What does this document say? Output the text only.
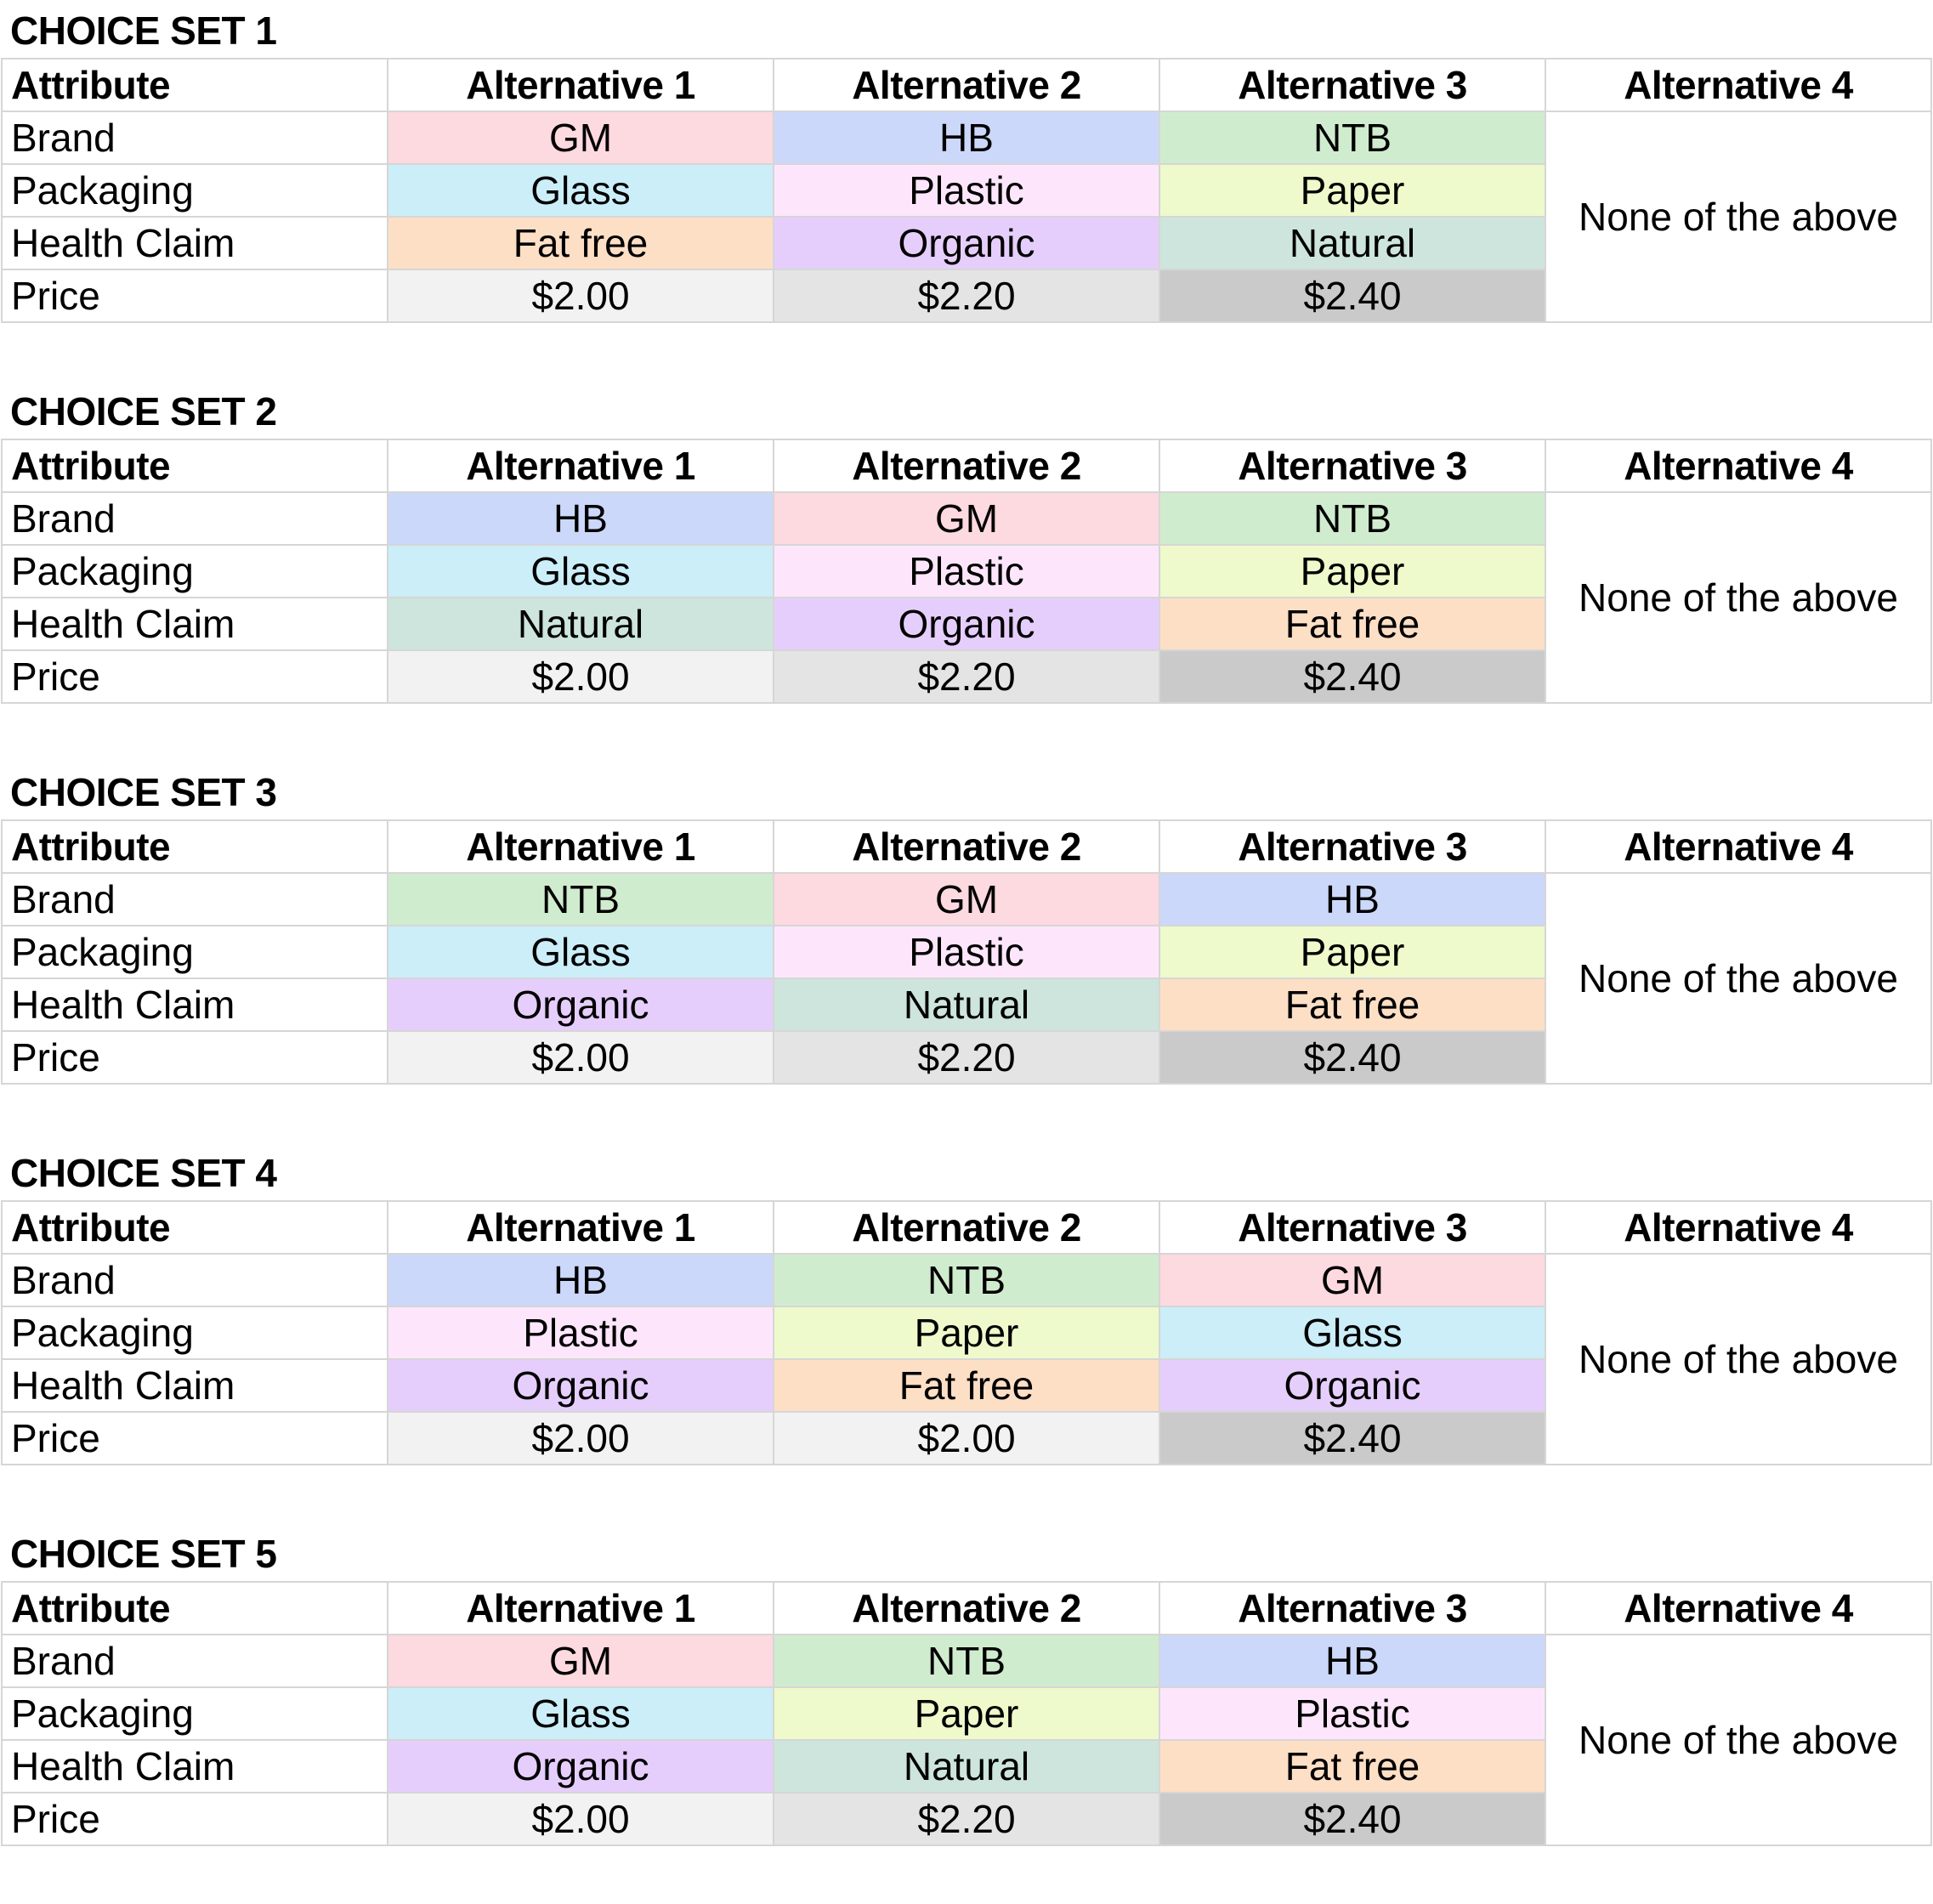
CHOICE SET 1
Attribute	Alternative 1	Alternative 2	Alternative 3	Alternative 4
Brand	GM	HB	NTB	None of the above
Packaging	Glass	Plastic	Paper	
Health Claim	Fat free	Organic	Natural	
Price	$2.00	$2.20	$2.40	
CHOICE SET 2
Attribute	Alternative 1	Alternative 2	Alternative 3	Alternative 4
Brand	HB	GM	NTB	None of the above
Packaging	Glass	Plastic	Paper	
Health Claim	Natural	Organic	Fat free	
Price	$2.00	$2.20	$2.40	
CHOICE SET 3
Attribute	Alternative 1	Alternative 2	Alternative 3	Alternative 4
Brand	NTB	GM	HB	None of the above
Packaging	Glass	Plastic	Paper	
Health Claim	Organic	Natural	Fat free	
Price	$2.00	$2.20	$2.40	
CHOICE SET 4
Attribute	Alternative 1	Alternative 2	Alternative 3	Alternative 4
Brand	HB	NTB	GM	None of the above
Packaging	Plastic	Paper	Glass	
Health Claim	Organic	Fat free	Organic	
Price	$2.00	$2.00	$2.40	
CHOICE SET 5
Attribute	Alternative 1	Alternative 2	Alternative 3	Alternative 4
Brand	GM	NTB	HB	None of the above
Packaging	Glass	Paper	Plastic	
Health Claim	Organic	Natural	Fat free	
Price	$2.00	$2.20	$2.40	
